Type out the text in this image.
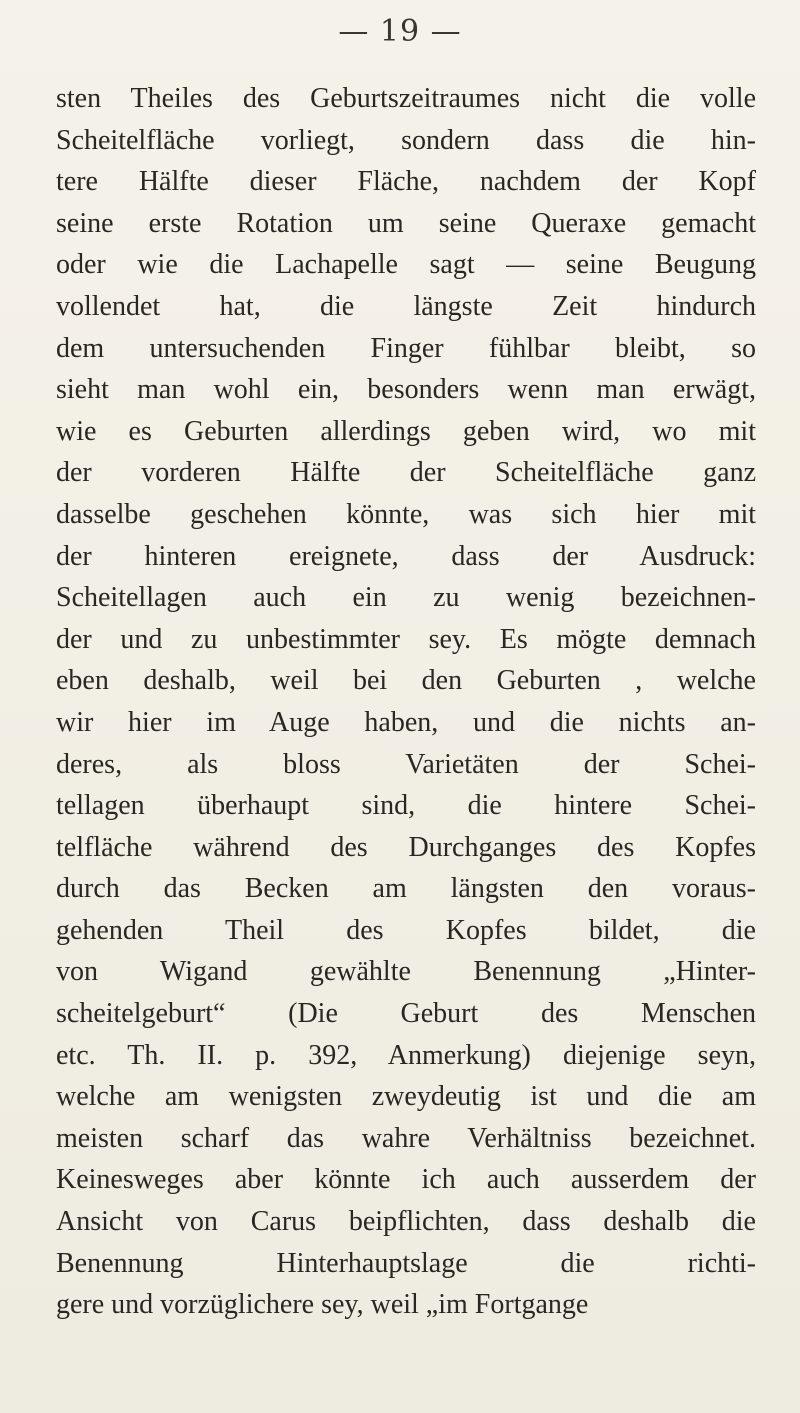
— 19 —
sten Theiles des Geburtszeitraumes nicht die volle
Scheitelfläche vorliegt, sondern dass die hin-
tere Hälfte dieser Fläche, nachdem der Kopf
seine erste Rotation um seine Queraxe gemacht
oder wie die Lachapelle sagt — seine Beugung
vollendet hat, die längste Zeit hindurch
dem untersuchenden Finger fühlbar bleibt, so
sieht man wohl ein, besonders wenn man erwägt,
wie es Geburten allerdings geben wird, wo mit
der vorderen Hälfte der Scheitelfläche ganz
dasselbe geschehen könnte, was sich hier mit
der hinteren ereignete, dass der Ausdruck:
Scheitellagen auch ein zu wenig bezeichnen-
der und zu unbestimmter sey. Es mögte demnach
eben deshalb, weil bei den Geburten , welche
wir hier im Auge haben, und die nichts an-
deres, als bloss Varietäten der Schei-
tellagen überhaupt sind, die hintere Schei-
telfläche während des Durchganges des Kopfes
durch das Becken am längsten den voraus-
gehenden Theil des Kopfes bildet, die
von Wigand gewählte Benennung „Hinter-
scheitelgeburt“ (Die Geburt des Menschen
etc. Th. II. p. 392, Anmerkung) diejenige seyn,
welche am wenigsten zweydeutig ist und die am
meisten scharf das wahre Verhältniss bezeichnet.
Keinesweges aber könnte ich auch ausserdem der
Ansicht von Carus beipflichten, dass deshalb die
Benennung Hinterhauptslage die richti-
gere und vorzüglichere sey, weil „im Fortgange
